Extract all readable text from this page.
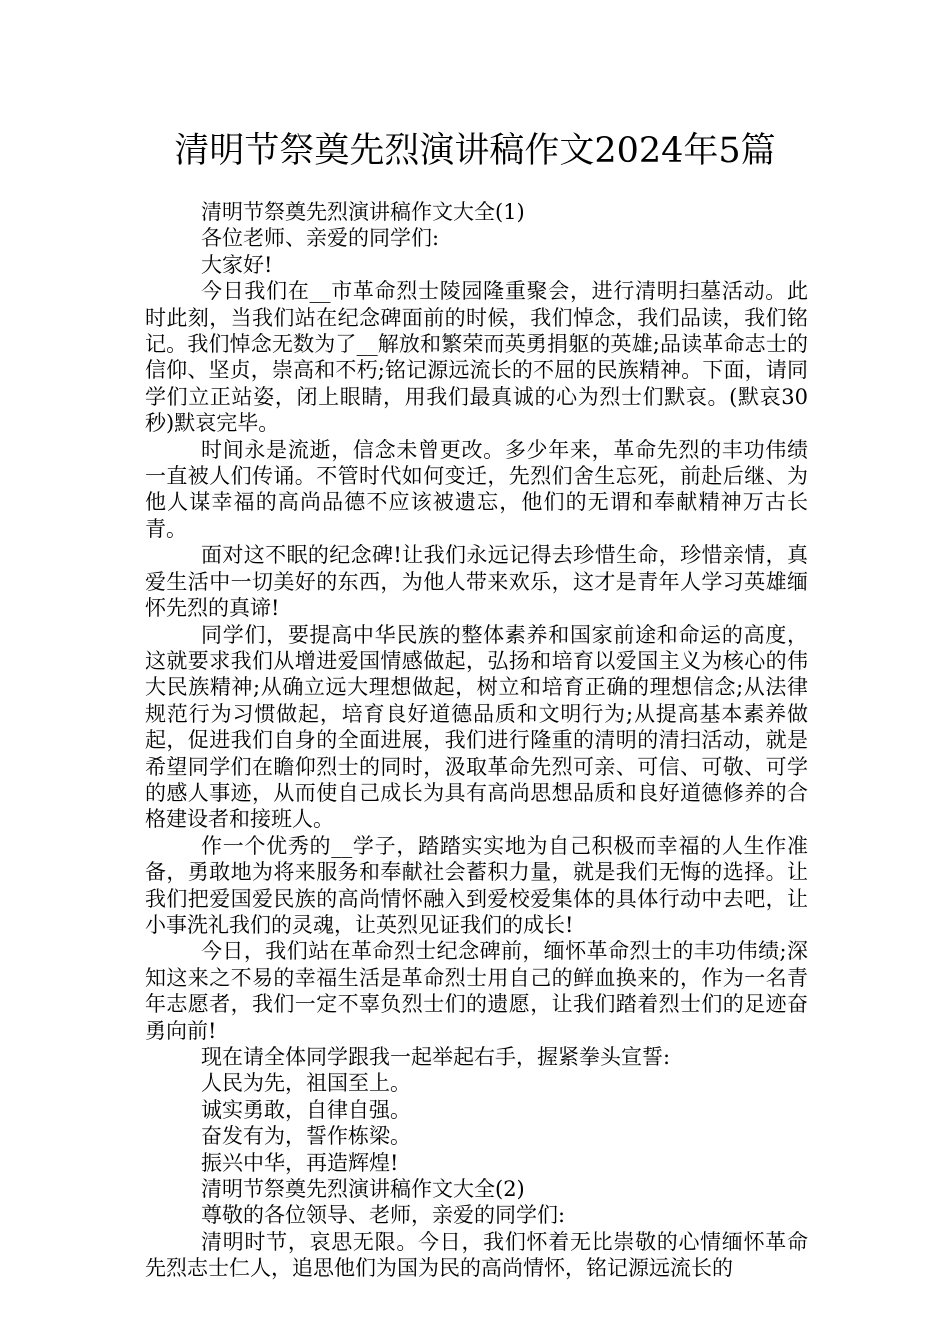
清明节祭奠先烈演讲稿作文2024年5篇

清明节祭奠先烈演讲稿作文大全(1)

各位老师、亲爱的同学们:

大家好!

今日我们在__市革命烈士陵园隆重聚会，进行清明扫墓活动。此时此刻，当我们站在纪念碑面前的时候，我们悼念，我们品读，我们铭记。我们悼念无数为了__解放和繁荣而英勇捐躯的英雄;品读革命志士的信仰、坚贞，崇高和不朽;铭记源远流长的不屈的民族精神。下面，请同学们立正站姿，闭上眼睛，用我们最真诚的心为烈士们默哀。(默哀30秒)默哀完毕。

时间永是流逝，信念未曾更改。多少年来，革命先烈的丰功伟绩一直被人们传诵。不管时代如何变迁，先烈们舍生忘死，前赴后继、为他人谋幸福的高尚品德不应该被遗忘，他们的无谓和奉献精神万古长青。

面对这不眠的纪念碑!让我们永远记得去珍惜生命，珍惜亲情，真爱生活中一切美好的东西，为他人带来欢乐，这才是青年人学习英雄缅怀先烈的真谛!

同学们，要提高中华民族的整体素养和国家前途和命运的高度，这就要求我们从增进爱国情感做起，弘扬和培育以爱国主义为核心的伟大民族精神;从确立远大理想做起，树立和培育正确的理想信念;从法律规范行为习惯做起，培育良好道德品质和文明行为;从提高基本素养做起，促进我们自身的全面进展，我们进行隆重的清明的清扫活动，就是希望同学们在瞻仰烈士的同时，汲取革命先烈可亲、可信、可敬、可学的感人事迹，从而使自己成长为具有高尚思想品质和良好道德修养的合格建设者和接班人。

作一个优秀的__学子，踏踏实实地为自己积极而幸福的人生作准备，勇敢地为将来服务和奉献社会蓄积力量，就是我们无悔的选择。让我们把爱国爱民族的高尚情怀融入到爱校爱集体的具体行动中去吧，让小事洗礼我们的灵魂，让英烈见证我们的成长!

今日，我们站在革命烈士纪念碑前，缅怀革命烈士的丰功伟绩;深知这来之不易的幸福生活是革命烈士用自己的鲜血换来的，作为一名青年志愿者，我们一定不辜负烈士们的遗愿，让我们踏着烈士们的足迹奋勇向前!

现在请全体同学跟我一起举起右手，握紧拳头宣誓:

人民为先，祖国至上。

诚实勇敢，自律自强。

奋发有为，誓作栋梁。

振兴中华，再造辉煌!

清明节祭奠先烈演讲稿作文大全(2)

尊敬的各位领导、老师，亲爱的同学们:

清明时节，哀思无限。今日，我们怀着无比崇敬的心情缅怀革命先烈志士仁人，追思他们为国为民的高尚情怀，铭记源远流长的
